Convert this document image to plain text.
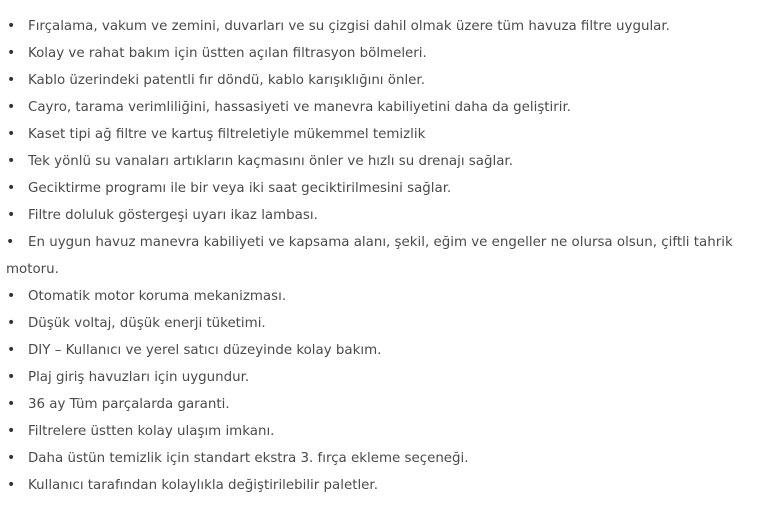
• Fırçalama, vakum ve zemini, duvarları ve su çizgisi dahil olmak üzere tüm havuza filtre uygular.
• Kolay ve rahat bakım için üstten açılan filtrasyon bölmeleri.
• Kablo üzerindeki patentli fır döndü, kablo karışıklığını önler.
• Cayro, tarama verimliliğini, hassasiyeti ve manevra kabiliyetini daha da geliştirir.
• Kaset tipi ağ filtre ve kartuş filtreletiyle mükemmel temizlik
• Tek yönlü su vanaları artıkların kaçmasını önler ve hızlı su drenajı sağlar.
• Geciktirme programı ile bir veya iki saat geciktirilmesini sağlar.
• Filtre doluluk göstergeşi uyarı ikaz lambası.
• En uygun havuz manevra kabiliyeti ve kapsama alanı, şekil, eğim ve engeller ne olursa olsun, çiftli tahrik motoru.
• Otomatik motor koruma mekanizması.
• Düşük voltaj, düşük enerji tüketimi.
• DIY – Kullanıcı ve yerel satıcı düzeyinde kolay bakım.
• Plaj giriş havuzları için uygundur.
• 36 ay Tüm parçalarda garanti.
• Filtrelere üstten kolay ulaşım imkanı.
• Daha üstün temizlik için standart ekstra 3. fırça ekleme seçeneği.
• Kullanıcı tarafından kolaylıkla değiştirilebilir paletler.
